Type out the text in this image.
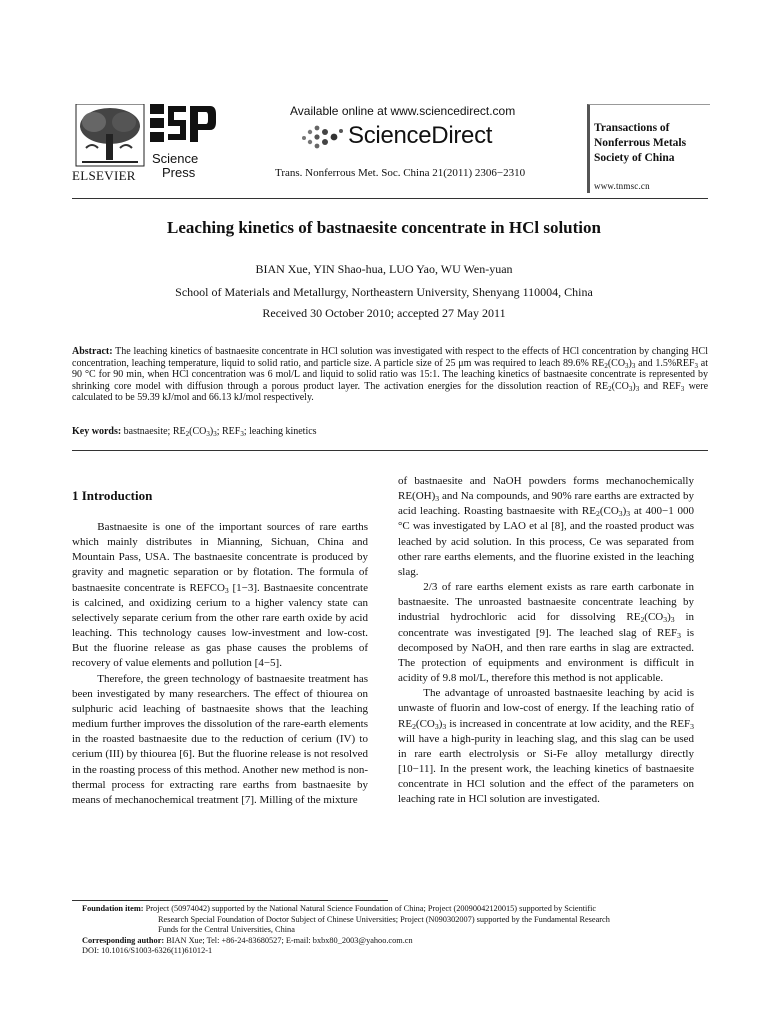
ELSEVIER
Science
Press
Available online at www.sciencedirect.com
ScienceDirect
Trans. Nonferrous Met. Soc. China 21(2011) 2306−2310
Transactions of
Nonferrous Metals
Society of China
www.tnmsc.cn
Leaching kinetics of bastnaesite concentrate in HCl solution
BIAN Xue, YIN Shao-hua, LUO Yao, WU Wen-yuan
School of Materials and Metallurgy, Northeastern University, Shenyang 110004, China
Received 30 October 2010; accepted 27 May 2011
Abstract: The leaching kinetics of bastnaesite concentrate in HCl solution was investigated with respect to the effects of HCl concentration by changing HCl concentration, leaching temperature, liquid to solid ratio, and particle size. A particle size of 25 μm was required to leach 89.6% $RE_2(CO_3)_3$ and $1.5\%REF_3$ at 90 °C for 90 min, when HCl concentration was 6 mol/L and liquid to solid ratio was 15:1. The leaching kinetics of bastnaesite concentrate is represented by shrinking core model with diffusion through a porous product layer. The activation energies for the dissolution reaction of $RE_2(CO_3)_3$ and $REF_3$ were calculated to be 59.39 kJ/mol and 66.13 kJ/mol respectively.
Key words: bastnaesite; $RE_2(CO_3)_3$; $REF_3$; leaching kinetics
1 Introduction

Bastnaesite is one of the important sources of rare earths which mainly distributes in Mianning, Sichuan, China and Mountain Pass, USA. The bastnaesite concentrate is produced by gravity and magnetic separation or by flotation. The formula of bastnaesite concentrate is $REFCO_3$ [1−3]. Bastnaesite concentrate is calcined, and oxidizing cerium to a higher valency state can selectively separate cerium from the other rare earth oxide by acid leaching. This technology causes low-investment and low-cost. But the fluorine release as gas phase causes the problems of recovery of value elements and pollution [4−5].

Therefore, the green technology of bastnaesite treatment has been investigated by many researchers. The effect of thiourea on sulphuric acid leaching of bastnaesite shows that the leaching medium further improves the dissolution of the rare-earth elements in the roasted bastnaesite due to the reduction of cerium (IV) to cerium (III) by thiourea [6]. But the fluorine release is not resolved in the roasting process of this method. Another new method is non-thermal process for extracting rare earths from bastnaesite by means of mechanochemical treatment [7]. Milling of the mixture

of bastnaesite and NaOH powders forms mechanochemically $RE(OH)_3$ and Na compounds, and 90% rare earths are extracted by acid leaching. Roasting bastnaesite with $RE_2(CO_3)_3$ at 400−1 000 °C was investigated by LAO et al [8], and the roasted product was leached by acid solution. In this process, Ce was separated from other rare earths elements, and the fluorine existed in the leaching slag.

2/3 of rare earths element exists as rare earth carbonate in bastnaesite. The unroasted bastnaesite concentrate leaching by industrial hydrochloric acid for dissolving $RE_2(CO_3)_3$ in concentrate was investigated [9]. The leached slag of $REF_3$ is decomposed by NaOH, and then rare earths in slag are extracted. The protection of equipments and environment is difficult in acidity of 9.8 mol/L, therefore this method is not applicable.

The advantage of unroasted bastnaesite leaching by acid is unwaste of fluorin and low-cost of energy. If the leaching ratio of $RE_2(CO_3)_3$ is increased in concentrate at low acidity, and the $REF_3$ will have a high-purity in leaching slag, and this slag can be used in rare earth electrolysis or Si-Fe alloy metallurgy directly [10−11]. In the present work, the leaching kinetics of bastnaesite concentrate in HCl solution and the effect of the parameters on leaching rate in HCl solution are investigated.

Foundation item: Project (50974042) supported by the National Natural Science Foundation of China; Project (20090042120015) supported by Scientific
Research Special Foundation of Doctor Subject of Chinese Universities; Project (N090302007) supported by the Fundamental Research
Funds for the Central Universities, China
Corresponding author: BIAN Xue; Tel: +86-24-83680527; E-mail: bxbx80_2003@yahoo.com.cn
DOI: 10.1016/S1003-6326(11)61012-1
